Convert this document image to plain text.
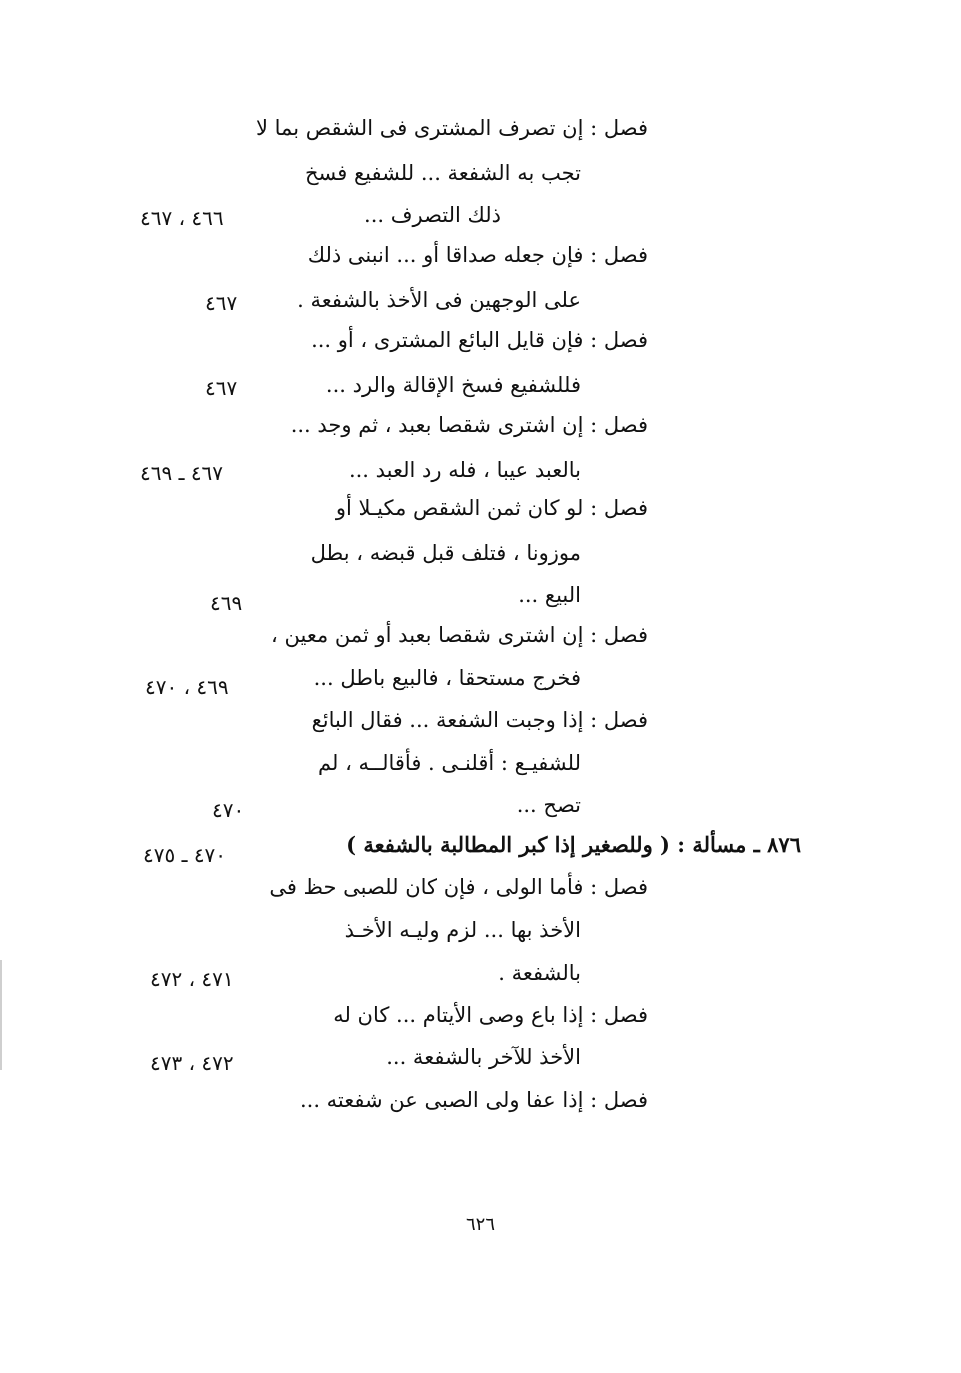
فصل : إن تصرف المشترى فى الشقص بما لا
تجب به الشفعة ... للشفيع فسخ
ذلك التصرف ...
٤٦٦ ، ٤٦٧
فصل : فإن جعله صداقا أو ... انبنى ذلك
على الوجهين فى الأخذ بالشفعة .
٤٦٧
فصل : فإن قايل البائع المشترى ، أو ...
فللشفيع فسخ الإقالة والرد ...
٤٦٧
فصل : إن اشترى شقصا بعبد ، ثم وجد ...
بالعبد عيبا ، فله رد العبد ...
٤٦٧ ـ ٤٦٩
فصل : لو كان ثمن الشقص مكيـلا أو
موزونا ، فتلف قبل قبضه ، بطل
البيع ...
٤٦٩
فصل : إن اشترى شقصا بعبد أو ثمن معين ،
فخرج مستحقا ، فالبيع باطل ...
٤٦٩ ، ٤٧٠
فصل : إذا وجبت الشفعة ... فقال البائع
للشفيـع : أقلنـى . فأقالــه ، لم
تصح ...
٤٧٠
٨٧٦ ـ مسألة : ( وللصغير إذا كبر المطالبة بالشفعة )
٤٧٠ ـ ٤٧٥
فصل : فأما الولى ، فإن كان للصبى حظ فى
الأخذ بها ... لزم وليـه الأخـذ
بالشفعة .
٤٧١ ، ٤٧٢
فصل : إذا باع وصى الأيتام ... كان له
الأخذ للآخر بالشفعة ...
٤٧٢ ، ٤٧٣
فصل : إذا عفا ولى الصبى عن شفعته ...
٦٢٦
